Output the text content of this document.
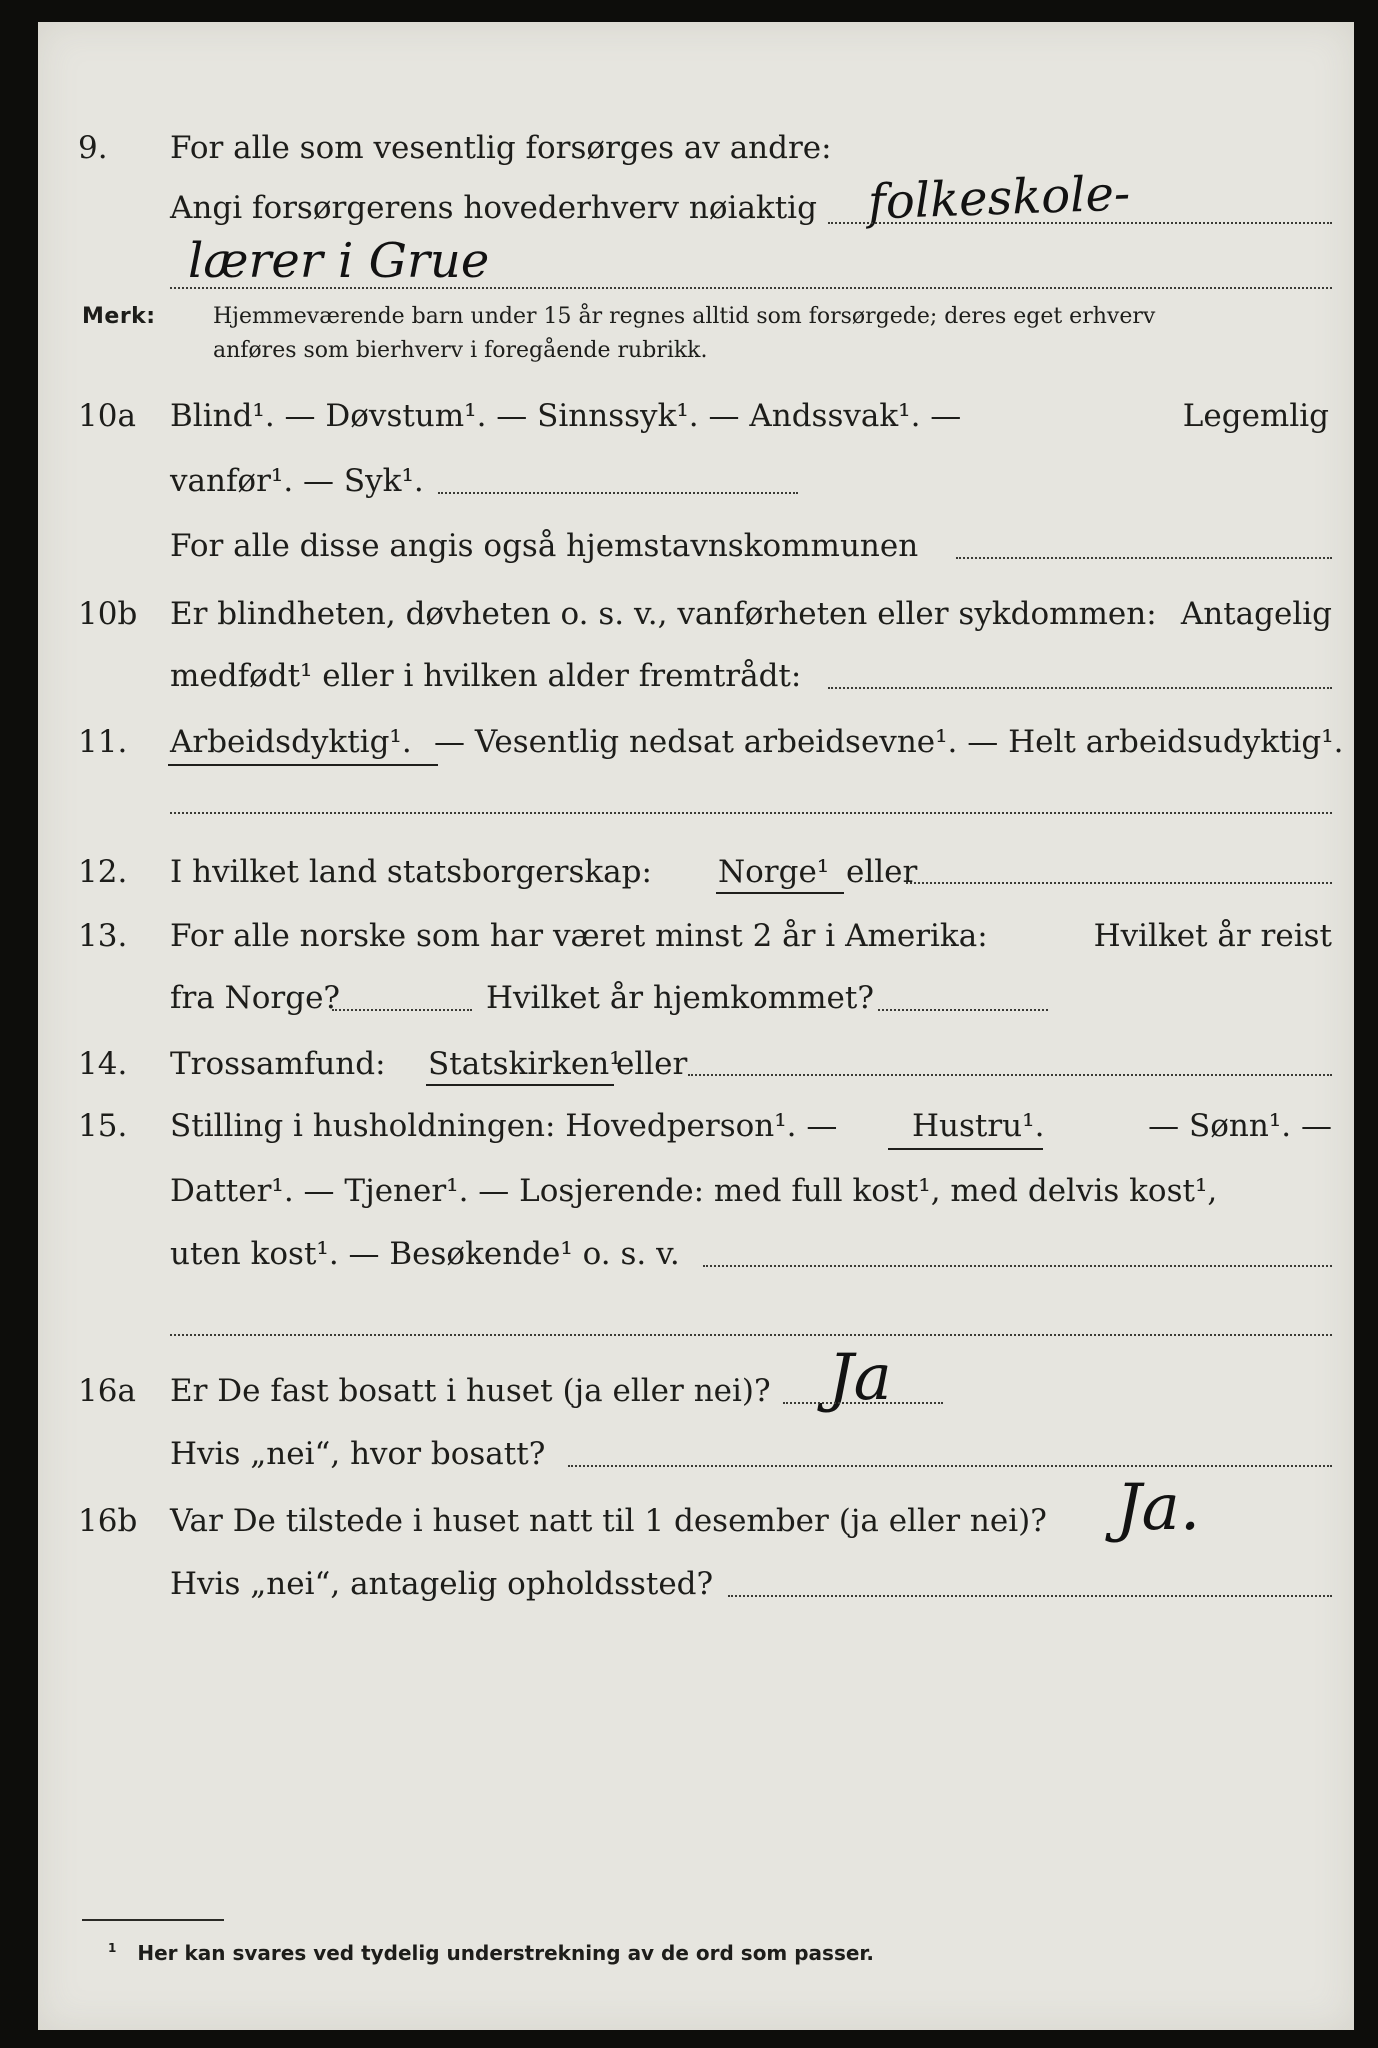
9. For alle som vesentlig forsørges av andre:
Angi forsørgerens hovederhverv nøiaktig folkeskole-
lærer i Grue
Merk:	Hjemmeværende barn under 15 år regnes alltid som forsørgede; deres eget erhverv
anføres som bierhverv i foregående rubrikk.
10a Blind¹. — Døvstum¹. — Sinnssyk¹. — Andssvak¹. —	Legemlig
vanfør¹. — Syk¹.
For alle disse angis også hjemstavnskommunen
10b Er blindheten, døvheten o. s. v., vanførheten eller sykdommen: Antagelig
medfødt¹ eller i hvilken alder fremtrådt:
11. Arbeidsdyktig¹. — Vesentlig nedsat arbeidsevne¹. — Helt arbeidsudyktig¹.
12. I hvilket land statsborgerskap: Norge¹ eller
13. For alle norske som har været minst 2 år i Amerika:	Hvilket år reist
fra Norge?	Hvilket år hjemkommet?
14. Trossamfund: Statskirken¹
eller
15. Stilling i husholdningen: Hovedperson¹. — Hustru¹.	— Sønn¹. —
Datter¹. — Tjener¹. — Losjerende: med full kost¹, med delvis kost¹,
uten kost¹. — Besøkende¹ o. s. v.
16a Er De fast bosatt i huset (ja eller nei)? Ja
Hvis „nei“, hvor bosatt?
16b Var De tilstede i huset natt til 1 desember (ja eller nei)? Ja.
Hvis „nei“, antagelig opholdssted?
$^1$ Her kan svares ved tydelig understrekning av de ord som passer.
